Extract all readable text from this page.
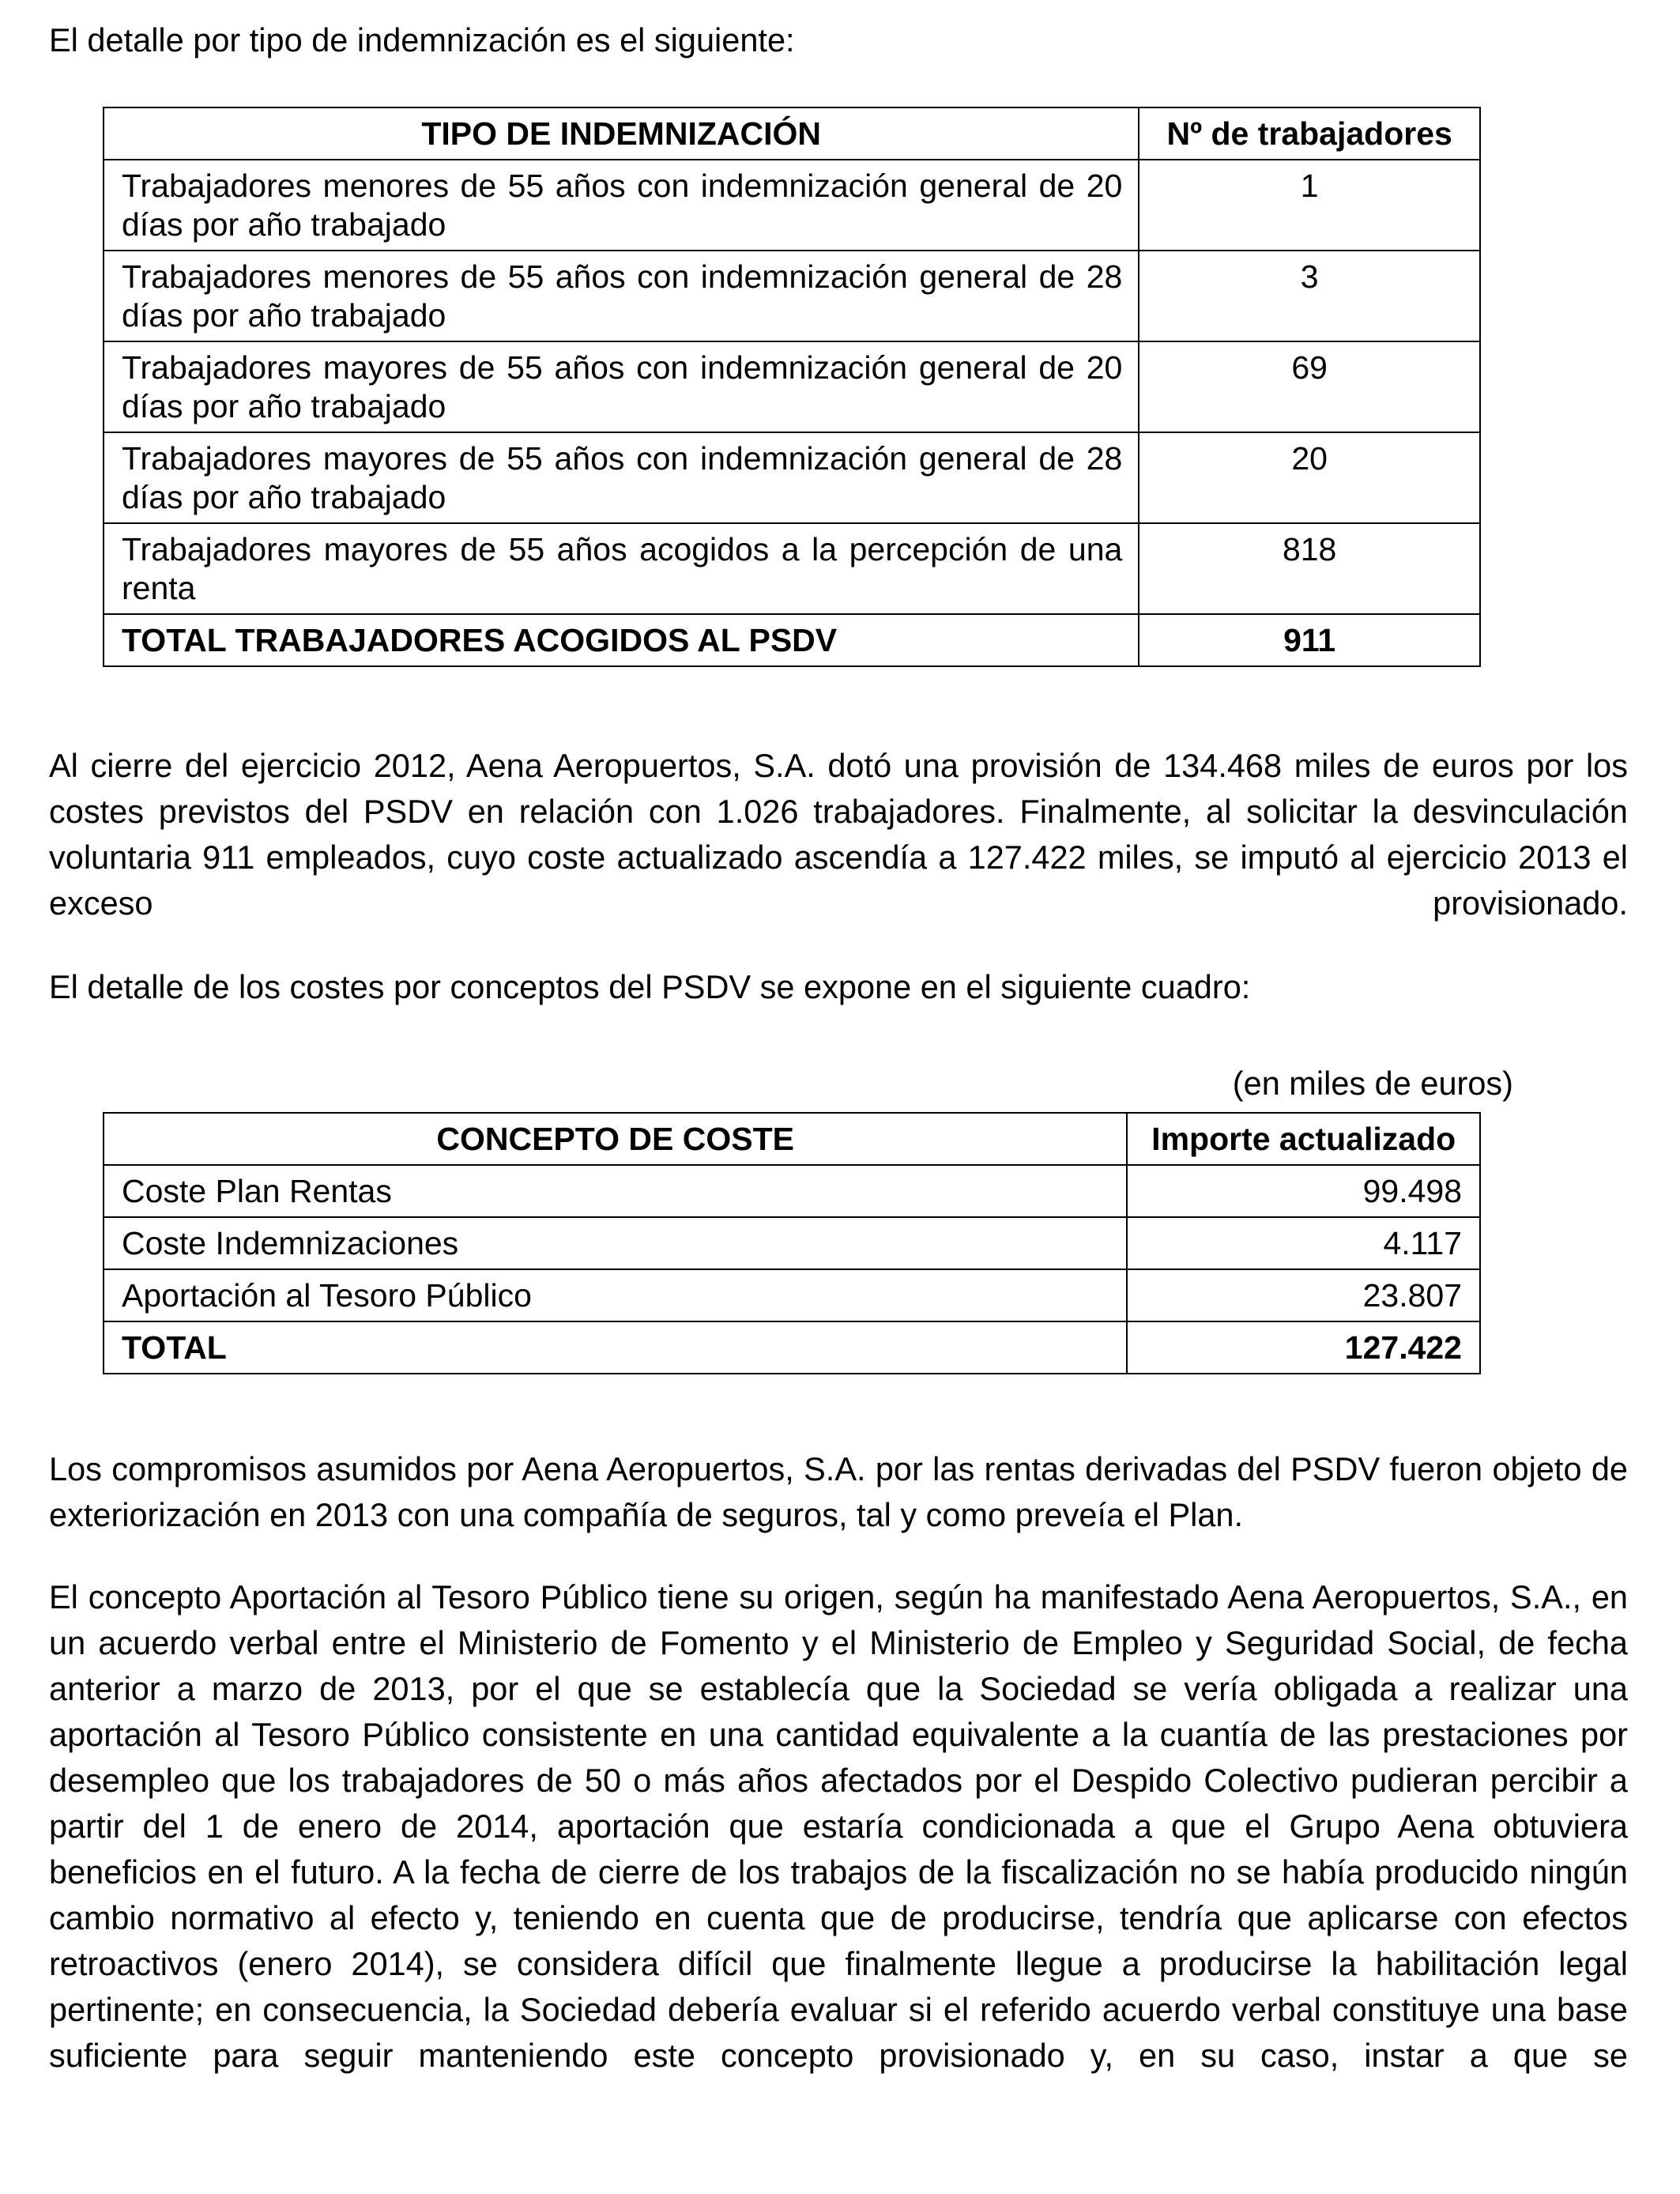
El detalle por tipo de indemnización es el siguiente:

TIPO DE INDEMNIZACIÓN	Nº de trabajadores
Trabajadores menores de 55 años con indemnización general de 20 días por año trabajado	1
Trabajadores menores de 55 años con indemnización general de 28 días por año trabajado	3
Trabajadores mayores de 55 años con indemnización general de 20 días por año trabajado	69
Trabajadores mayores de 55 años con indemnización general de 28 días por año trabajado	20
Trabajadores mayores de 55 años acogidos a la percepción de una renta	818
TOTAL TRABAJADORES ACOGIDOS AL PSDV	911

Al cierre del ejercicio 2012, Aena Aeropuertos, S.A. dotó una provisión de 134.468 miles de euros por los costes previstos del PSDV en relación con 1.026 trabajadores. Finalmente, al solicitar la desvinculación voluntaria 911 empleados, cuyo coste actualizado ascendía a 127.422 miles, se imputó al ejercicio 2013 el exceso provisionado.

El detalle de los costes por conceptos del PSDV se expone en el siguiente cuadro:

(en miles de euros)
CONCEPTO DE COSTE	Importe actualizado
Coste Plan Rentas	99.498
Coste Indemnizaciones	4.117
Aportación al Tesoro Público	23.807
TOTAL	127.422

Los compromisos asumidos por Aena Aeropuertos, S.A. por las rentas derivadas del PSDV fueron objeto de exteriorización en 2013 con una compañía de seguros, tal y como preveía el Plan.

El concepto Aportación al Tesoro Público tiene su origen, según ha manifestado Aena Aeropuertos, S.A., en un acuerdo verbal entre el Ministerio de Fomento y el Ministerio de Empleo y Seguridad Social, de fecha anterior a marzo de 2013, por el que se establecía que la Sociedad se vería obligada a realizar una aportación al Tesoro Público consistente en una cantidad equivalente a la cuantía de las prestaciones por desempleo que los trabajadores de 50 o más años afectados por el Despido Colectivo pudieran percibir a partir del 1 de enero de 2014, aportación que estaría condicionada a que el Grupo Aena obtuviera beneficios en el futuro. A la fecha de cierre de los trabajos de la fiscalización no se había producido ningún cambio normativo al efecto y, teniendo en cuenta que de producirse, tendría que aplicarse con efectos retroactivos (enero 2014), se considera difícil que finalmente llegue a producirse la habilitación legal pertinente; en consecuencia, la Sociedad debería evaluar si el referido acuerdo verbal constituye una base suficiente para seguir manteniendo este concepto provisionado y, en su caso, instar a que se
